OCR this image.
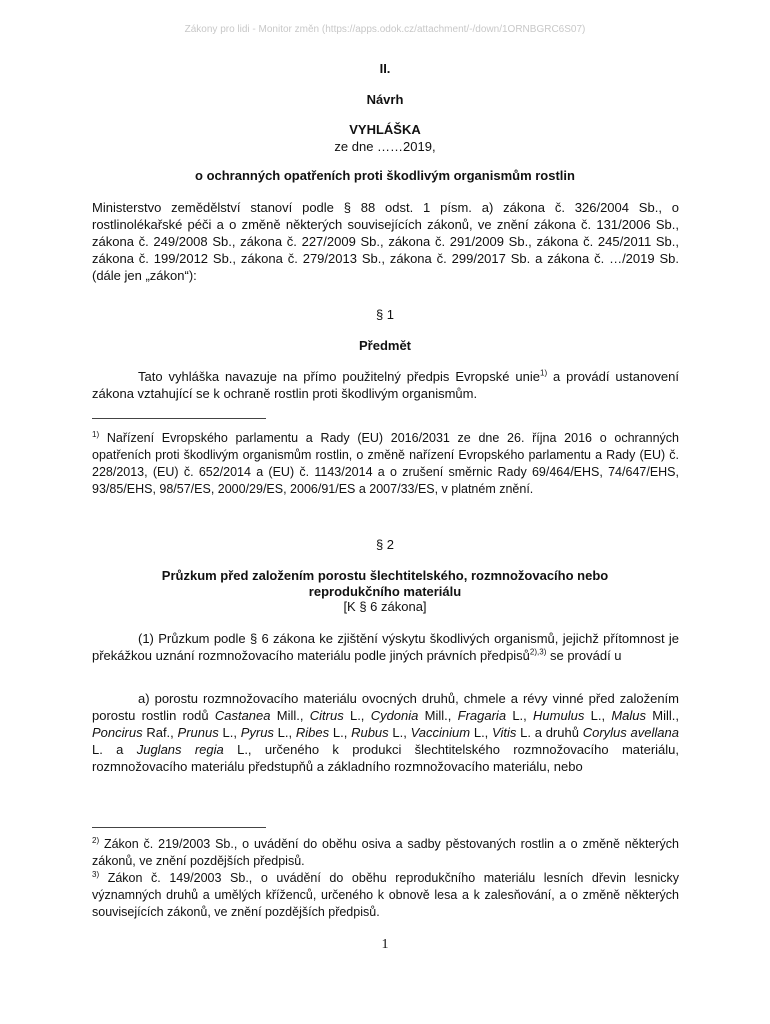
Zákony pro lidi - Monitor změn (https://apps.odok.cz/attachment/-/down/1ORNBGRC6S07)
II.
Návrh
VYHLÁŠKA
ze dne ……2019,
o ochranných opatřeních proti škodlivým organismům rostlin
Ministerstvo zemědělství stanoví podle § 88 odst. 1 písm. a) zákona č. 326/2004 Sb., o rostlinolékařské péči a o změně některých souvisejících zákonů, ve znění zákona č. 131/2006 Sb., zákona č. 249/2008 Sb., zákona č. 227/2009 Sb., zákona č. 291/2009 Sb., zákona č. 245/2011 Sb., zákona č. 199/2012 Sb., zákona č. 279/2013 Sb., zákona č. 299/2017 Sb. a zákona č. …/2019 Sb. (dále jen „zákon“):
§ 1
Předmět
Tato vyhláška navazuje na přímo použitelný předpis Evropské unie$^{1)}$ a provádí ustanovení zákona vztahující se k ochraně rostlin proti škodlivým organismům.
$^{1)}$ Nařízení Evropského parlamentu a Rady (EU) 2016/2031 ze dne 26. října 2016 o ochranných opatřeních proti škodlivým organismům rostlin, o změně nařízení Evropského parlamentu a Rady (EU) č. 228/2013, (EU) č. 652/2014 a (EU) č. 1143/2014 a o zrušení směrnic Rady 69/464/EHS, 74/647/EHS, 93/85/EHS, 98/57/ES, 2000/29/ES, 2006/91/ES a 2007/33/ES, v platném znění.
§ 2
Průzkum před založením porostu šlechtitelského, rozmnožovacího nebo
reprodukčního materiálu
[K § 6 zákona]
(1) Průzkum podle § 6 zákona ke zjištění výskytu škodlivých organismů, jejichž přítomnost je překážkou uznání rozmnožovacího materiálu podle jiných právních předpisů$^{2),3)}$ se provádí u
a) porostu rozmnožovacího materiálu ovocných druhů, chmele a révy vinné před založením porostu rostlin rodů Castanea Mill., Citrus L., Cydonia Mill., Fragaria L., Humulus L., Malus Mill., Poncirus Raf., Prunus L., Pyrus L., Ribes L., Rubus L., Vaccinium L., Vitis L. a druhů Corylus avellana L. a Juglans regia L., určeného k produkci šlechtitelského rozmnožovacího materiálu, rozmnožovacího materiálu předstupňů a základního rozmnožovacího materiálu, nebo
$^{2)}$ Zákon č. 219/2003 Sb., o uvádění do oběhu osiva a sadby pěstovaných rostlin a o změně některých zákonů, ve znění pozdějších předpisů.
$^{3)}$ Zákon č. 149/2003 Sb., o uvádění do oběhu reprodukčního materiálu lesních dřevin lesnicky významných druhů a umělých kříženců, určeného k obnově lesa a k zalesňování, a o změně některých souvisejících zákonů, ve znění pozdějších předpisů.
1
